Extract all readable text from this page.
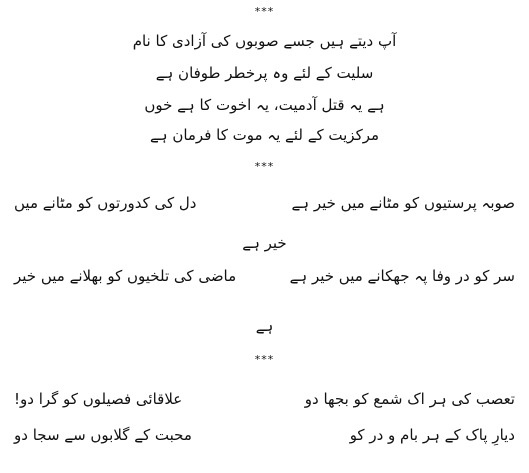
***
آپ دیتے ہیں جسے صوبوں کی آزادی کا نام
سلیت کے لئے وہ پرخطر طوفان ہے
ہے یہ قتل آدمیت، یہ اخوت کا ہے خوں
مرکزیت کے لئے یہ موت کا فرمان ہے
***
صوبہ پرستیوں کو مٹانے میں خیر ہے
دل کی کدورتوں کو مٹانے میں
خیر ہے
سر کو در وفا پہ جھکانے میں خیر ہے
ماضی کی تلخیوں کو بھلانے میں خیر
ہے
***
تعصب کی ہر اک شمع کو بجھا دو
علاقائی فصیلوں کو گرا دو!
دیارِ پاک کے ہر بام و در کو
محبت کے گلابوں سے سجا دو
